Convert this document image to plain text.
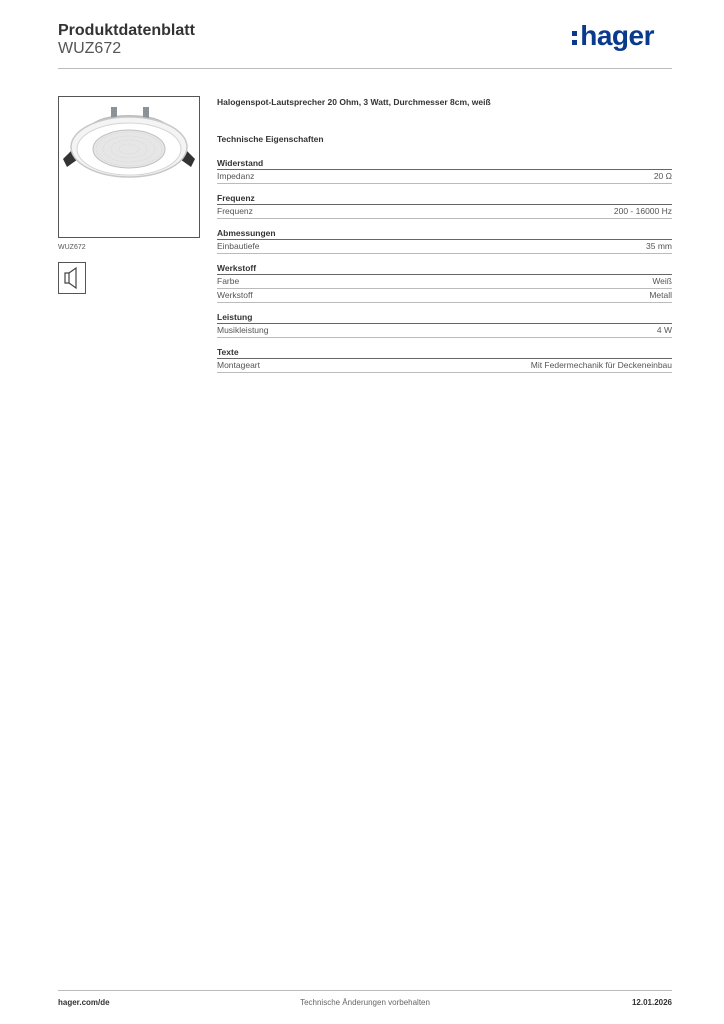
Produktdatenblatt
WUZ672	hager
WUZ672
Halogenspot-Lautsprecher 20 Ohm, 3 Watt, Durchmesser 8cm, weiß
Technische Eigenschaften
Widerstand
Impedanz	20 Ω
Frequenz
Frequenz	200 - 16000 Hz
Abmessungen
Einbautiefe	35 mm
Werkstoff
Farbe	Weiß
Werkstoff	Metall
Leistung
Musikleistung	4 W
Texte
Montageart	Mit Federmechanik für Deckeneinbau
hager.com/de	Technische Änderungen vorbehalten	12.01.2026
